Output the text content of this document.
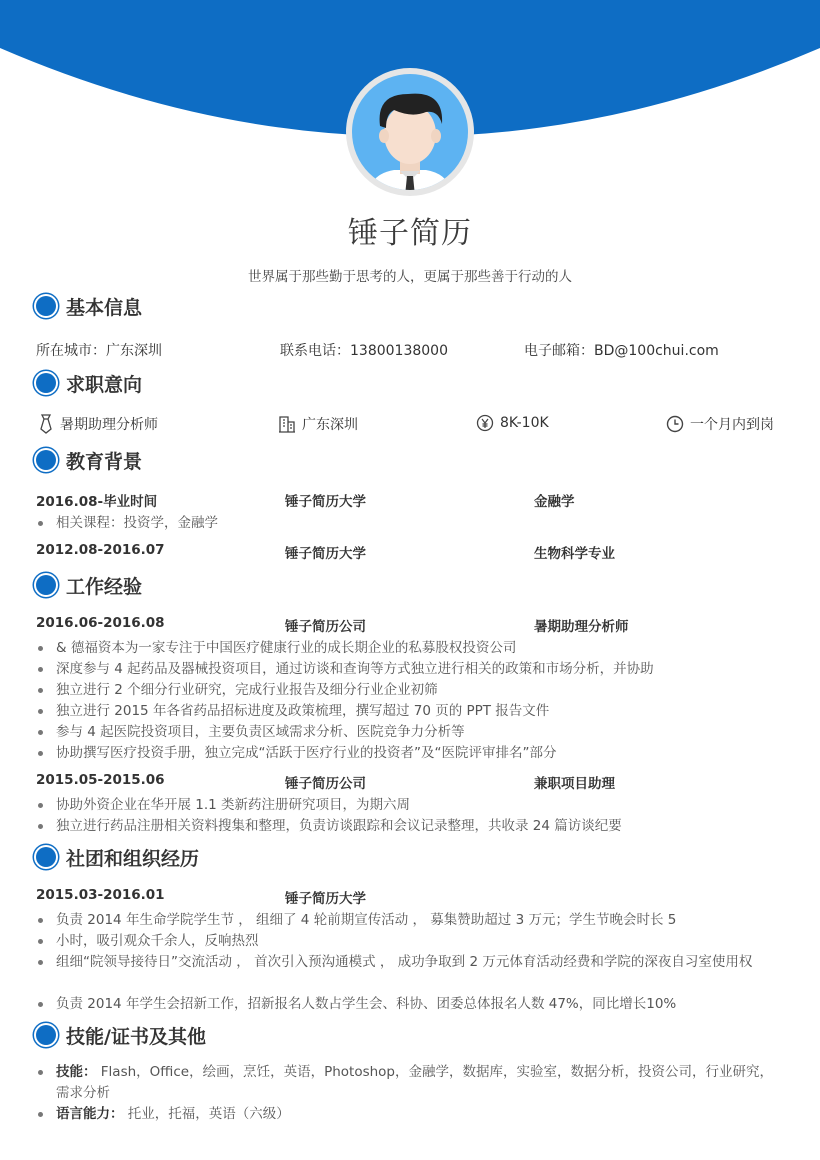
锤子简历
世界属于那些勤于思考的人，更属于那些善于行动的人
基本信息
所在城市：广东深圳	联系电话：13800138000	电子邮箱：BD@100chui.com
求职意向
暑期助理分析师	广东深圳	8K-10K	一个月内到岗
教育背景
2016.08-毕业时间	锤子简历大学	金融学
相关课程：投资学，金融学
2012.08-2016.07	锤子简历大学	生物科学专业
工作经验
2016.06-2016.08	锤子简历公司	暑期助理分析师
& 德福资本为一家专注于中国医疗健康行业的成长期企业的私募股权投资公司
深度参与 4 起药品及器械投资项目，通过访谈和查询等方式独立进行相关的政策和市场分析，并协助
独立进行 2 个细分行业研究，完成行业报告及细分行业企业初筛
独立进行 2015 年各省药品招标进度及政策梳理，撰写超过 70 页的 PPT 报告文件
参与 4 起医院投资项目，主要负责区域需求分析、医院竞争力分析等
协助撰写医疗投资手册，独立完成“活跃于医疗行业的投资者”及“医院评审排名”部分
2015.05-2015.06	锤子简历公司	兼职项目助理
协助外资企业在华开展 1.1 类新药注册研究项目，为期六周
独立进行药品注册相关资料搜集和整理，负责访谈跟踪和会议记录整理，共收录 24 篇访谈纪要
社团和组织经历
2015.03-2016.01	锤子简历大学
负责 2014 年生命学院学生节 ， 组细了 4 轮前期宣传活动 ， 募集赞助超过 3 万元；学生节晚会时长 5
小时，吸引观众千余人，反响热烈
组细“院领导接待日”交流活动 ， 首次引入预沟通模式 ， 成功争取到 2 万元体育活动经费和学院的深夜自习室使用权
负责 2014 年学生会招新工作，招新报名人数占学生会、科协、团委总体报名人数 47%，同比增长10%
技能/证书及其他
技能： Flash，Office，绘画，烹饪，英语，Photoshop，金融学，数据库，实验室，数据分析，投资公司，行业研究，需求分析
语言能力： 托业，托福，英语（六级）
